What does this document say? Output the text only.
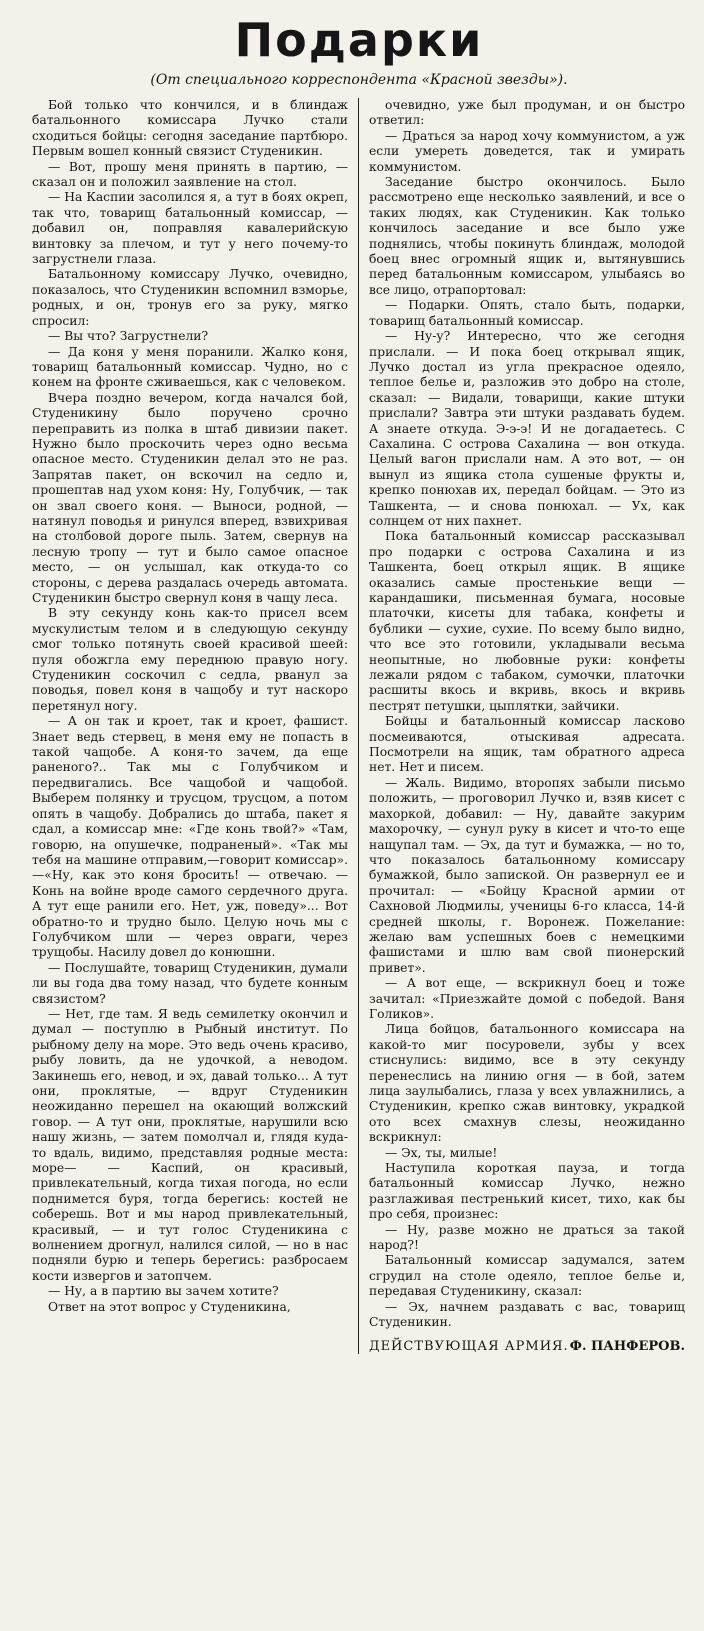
Подарки
(От специального корреспондента «Красной звезды»).

Бой только что кончился, и в блиндаж батальонного комиссара Лучко стали сходиться бойцы: сегодня заседание партбюро. Первым вошел конный связист Студеникин.

— Вот, прошу меня принять в партию, — сказал он и положил заявление на стол.

— На Каспии засолился я, а тут в боях окреп, так что, товарищ батальонный комиссар, — добавил он, поправляя кавалерийскую винтовку за плечом, и тут у него почему-то загрустнели глаза.

Батальонному комиссару Лучко, очевидно, показалось, что Студеникин вспомнил взморье, родных, и он, тронув его за руку, мягко спросил:

— Вы что? Загрустнели?

— Да коня у меня поранили. Жалко коня, товарищ батальонный комиссар. Чудно, но с конем на фронте сживаешься, как с человеком.

Вчера поздно вечером, когда начался бой, Студеникину было поручено срочно переправить из полка в штаб дивизии пакет. Нужно было проскочить через одно весьма опасное место. Студеникин делал это не раз. Запрятав пакет, он вскочил на седло и, прошептав над ухом коня: Ну, Голубчик, — так он звал своего коня. — Выноси, родной, — натянул поводья и ринулся вперед, взвихривая на столбовой дороге пыль. Затем, свернув на лесную тропу — тут и было самое опасное место, — он услышал, как откуда-то со стороны, с дерева раздалась очередь автомата. Студеникин быстро свернул коня в чащу леса.

В эту секунду конь как-то присел всем мускулистым телом и в следующую секунду смог только потянуть своей красивой шеей: пуля обожгла ему переднюю правую ногу. Студеникин соскочил с седла, рванул за поводья, повел коня в чащобу и тут наскоро перетянул ногу.

— А он так и кроет, так и кроет, фашист. Знает ведь стервец, в меня ему не попасть в такой чащобе. А коня-то зачем, да еще раненого?.. Так мы с Голубчиком и передвигались. Все чащобой и чащобой. Выберем полянку и трусцом, трусцом, а потом опять в чащобу. Добрались до штаба, пакет я сдал, а комиссар мне: «Где конь твой?» «Там, говорю, на опушечке, подраненый». «Так мы тебя на машине отправим,—говорит комиссар».—«Ну, как это коня бросить! — отвечаю. — Конь на войне вроде самого сердечного друга. А тут еще ранили его. Нет, уж, поведу»... Вот обратно-то и трудно было. Целую ночь мы с Голубчиком шли — через овраги, через трущобы. Насилу довел до конюшни.

— Послушайте, товарищ Студеникин, думали ли вы года два тому назад, что будете конным связистом?

— Нет, где там. Я ведь семилетку окончил и думал — поступлю в Рыбный институт. По рыбному делу на море. Это ведь очень красиво, рыбу ловить, да не удочкой, а неводом. Закинешь его, невод, и эх, давай только... А тут они, проклятые, — вдруг Студеникин неожиданно перешел на окающий волжский говор. — А тут они, проклятые, нарушили всю нашу жизнь, — затем помолчал и, глядя куда-то вдаль, видимо, представляя родные места: море— — Каспий, он красивый, привлекательный, когда тихая погода, но если поднимется буря, тогда берегись: костей не соберешь. Вот и мы народ привлекательный, красивый, — и тут голос Студеникина с волнением дрогнул, налился силой, — но в нас подняли бурю и теперь берегись: разбросаем кости извергов и затопчем.

— Ну, а в партию вы зачем хотите?

Ответ на этот вопрос у Студеникина,

очевидно, уже был продуман, и он быстро ответил:

— Драться за народ хочу коммунистом, а уж если умереть доведется, так и умирать коммунистом.

Заседание быстро окончилось. Было рассмотрено еще несколько заявлений, и все о таких людях, как Студеникин. Как только кончилось заседание и все было уже поднялись, чтобы покинуть блиндаж, молодой боец внес огромный ящик и, вытянувшись перед батальонным комиссаром, улыбаясь во все лицо, отрапортовал:

— Подарки. Опять, стало быть, подарки, товарищ батальонный комиссар.

— Ну-у? Интересно, что же сегодня прислали. — И пока боец открывал ящик, Лучко достал из угла прекрасное одеяло, теплое белье и, разложив это добро на столе, сказал: — Видали, товарищи, какие штуки прислали? Завтра эти штуки раздавать будем. А знаете откуда. Э-э-э! И не догадаетесь. С Сахалина. С острова Сахалина — вон откуда. Целый вагон прислали нам. А это вот, — он вынул из ящика стола сушеные фрукты и, крепко понюхав их, передал бойцам. — Это из Ташкента, — и снова понюхал. — Ух, как солнцем от них пахнет.

Пока батальонный комиссар рассказывал про подарки с острова Сахалина и из Ташкента, боец открыл ящик. В ящике оказались самые простенькие вещи — карандашики, письменная бумага, носовые платочки, кисеты для табака, конфеты и бублики — сухие, сухие. По всему было видно, что все это готовили, укладывали весьма неопытные, но любовные руки: конфеты лежали рядом с табаком, сумочки, платочки расшиты вкось и вкривь, вкось и вкривь пестрят петушки, цыплятки, зайчики.

Бойцы и батальонный комиссар ласково посмеиваются, отыскивая адресата. Посмотрели на ящик, там обратного адреса нет. Нет и писем.

— Жаль. Видимо, второпях забыли письмо положить, — проговорил Лучко и, взяв кисет с махоркой, добавил: — Ну, давайте закурим махорочку, — сунул руку в кисет и что-то еще нащупал там. — Эх, да тут и бумажка, — но то, что показалось батальонному комиссару бумажкой, было запиской. Он развернул ее и прочитал: — «Бойцу Красной армии от Сахновой Людмилы, ученицы 6-го класса, 14-й средней школы, г. Воронеж. Пожелание: желаю вам успешных боев с немецкими фашистами и шлю вам свой пионерский привет».

— А вот еще, — вскрикнул боец и тоже зачитал: «Приезжайте домой с победой. Ваня Голиков».

Лица бойцов, батальонного комиссара на какой-то миг посуровели, зубы у всех стиснулись: видимо, все в эту секунду перенеслись на линию огня — в бой, затем лица заулыбались, глаза у всех увлажнились, а Студеникин, крепко сжав винтовку, украдкой ото всех смахнув слезы, неожиданно вскрикнул:

— Эх, ты, милые!

Наступила короткая пауза, и тогда батальонный комиссар Лучко, нежно разглаживая пестренький кисет, тихо, как бы про себя, произнес:

— Ну, разве можно не драться за такой народ?!

Батальонный комиссар задумался, затем сгрудил на столе одеяло, теплое белье и, передавая Студеникину, сказал:

— Эх, начнем раздавать с вас, товарищ Студеникин.

ДЕЙСТВУЮЩАЯ АРМИЯ. Ф. ПАНФЕРОВ.
